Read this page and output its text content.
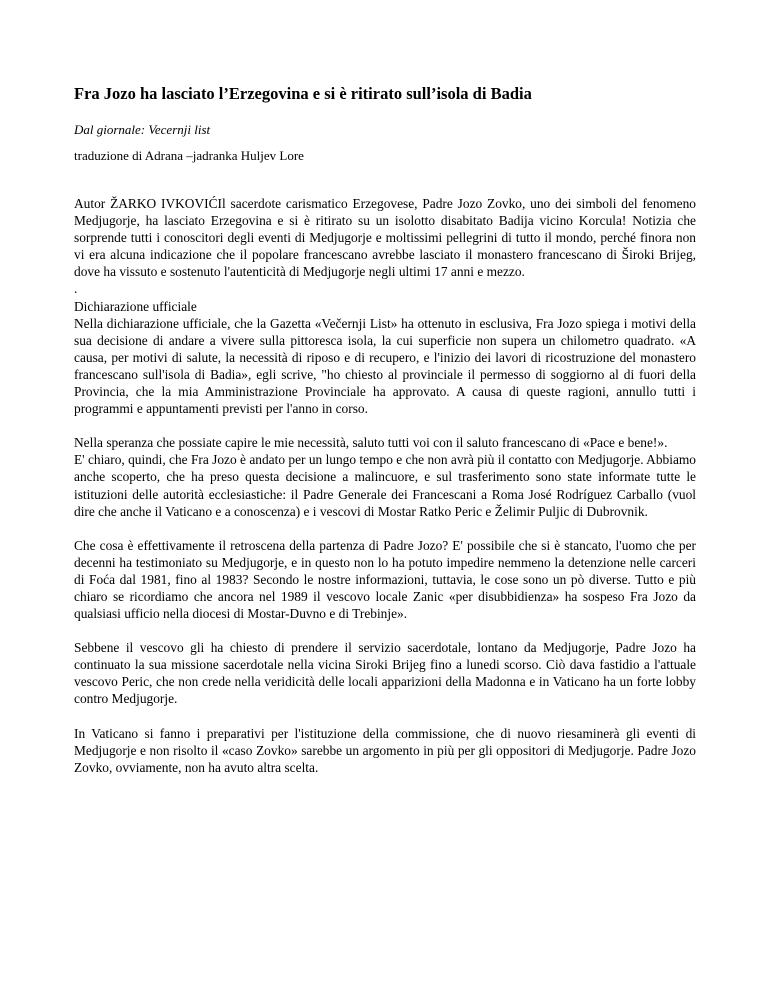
Fra Jozo ha lasciato l’Erzegovina e si è ritirato sull’isola di Badia
Dal giornale: Vecernji list
traduzione di Adrana –jadranka Huljev Lore

Autor ŽARKO IVKOVIĆIl sacerdote carismatico Erzegovese, Padre Jozo Zovko, uno dei simboli del fenomeno Medjugorje, ha lasciato Erzegovina e si è ritirato su un isolotto disabitato Badija vicino Korcula! Notizia che sorprende tutti i conoscitori degli eventi di Medjugorje e moltissimi pellegrini di tutto il mondo, perché finora non vi era alcuna indicazione che il popolare francescano avrebbe lasciato il monastero francescano di Široki Brijeg, dove ha vissuto e sostenuto l'autenticità di Medjugorje negli ultimi 17 anni e mezzo.

.

Dichiarazione ufficiale

Nella dichiarazione ufficiale, che la Gazetta «Večernji List» ha ottenuto in esclusiva, Fra Jozo spiega i motivi della sua decisione di andare a vivere sulla pittoresca isola, la cui superficie non supera un chilometro quadrato. «A causa, per motivi di salute, la necessità di riposo e di recupero, e l'inizio dei lavori di ricostruzione del monastero francescano sull'isola di Badia», egli scrive, "ho chiesto al provinciale il permesso di soggiorno al di fuori della Provincia, che la mia Amministrazione Provinciale ha approvato. A causa di queste ragioni, annullo tutti i programmi e appuntamenti previsti per l'anno in corso.

Nella speranza che possiate capire le mie necessità, saluto tutti voi con il saluto francescano di «Pace e bene!».

E' chiaro, quindi, che Fra Jozo è andato per un lungo tempo e che non avrà più il contatto con Medjugorje. Abbiamo anche scoperto, che ha preso questa decisione a malincuore, e sul trasferimento sono state informate tutte le istituzioni delle autorità ecclesiastiche: il Padre Generale dei Francescani a Roma José Rodríguez Carballo (vuol dire che anche il Vaticano e a conoscenza) e i vescovi di Mostar Ratko Peric e Želimir Puljic di Dubrovnik.

Che cosa è effettivamente il retroscena della partenza di Padre Jozo? E' possibile che si è stancato, l'uomo che per decenni ha testimoniato su Medjugorje, e in questo non lo ha potuto impedire nemmeno la detenzione nelle carceri di Foća dal 1981, fino al 1983? Secondo le nostre informazioni, tuttavia, le cose sono un pò diverse. Tutto e più chiaro se ricordiamo che ancora nel 1989 il vescovo locale Zanic «per disubbidienza» ha sospeso Fra Jozo da qualsiasi ufficio nella diocesi di Mostar-Duvno e di Trebinje».

Sebbene il vescovo gli ha chiesto di prendere il servizio sacerdotale, lontano da Medjugorje, Padre Jozo ha continuato la sua missione sacerdotale nella vicina Siroki Brijeg fino a lunedi scorso. Ciò dava fastidio a l'attuale vescovo Peric, che non crede nella veridicità delle locali apparizioni della Madonna e in Vaticano ha un forte lobby contro Medjugorje.

In Vaticano si fanno i preparativi per l'istituzione della commissione, che di nuovo riesaminerà gli eventi di Medjugorje e non risolto il «caso Zovko» sarebbe un argomento in più per gli oppositori di Medjugorje. Padre Jozo Zovko, ovviamente, non ha avuto altra scelta.
